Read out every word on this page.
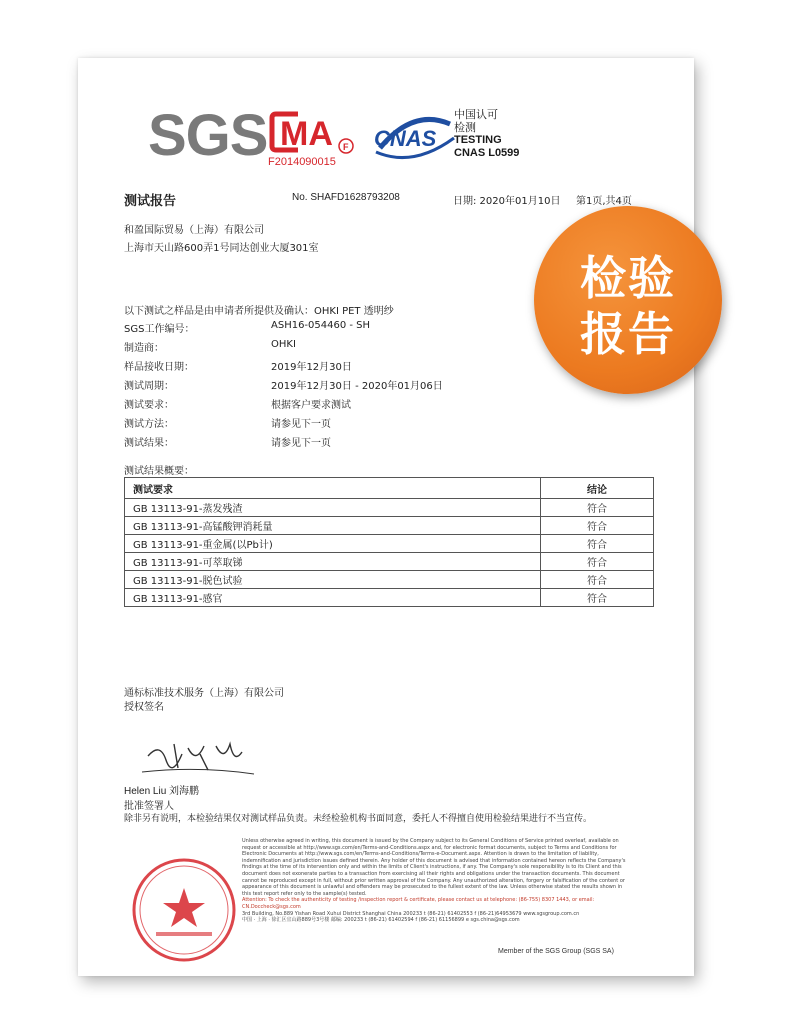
SGS MA F
F2014090015
CNAS
中国认可
检测
TESTING
CNAS L0599
测试报告	No. SHAFD1628793208	日期: 2020年01月10日 第1页,共4页
和盈国际贸易（上海）有限公司
上海市天山路600弄1号同达创业大厦301室
以下测试之样品是由申请者所提供及确认：OHKI PET 透明纱
SGS工作编号：	ASH16-054460 - SH
制造商：	OHKI
样品接收日期：	2019年12月30日
测试周期：	2019年12月30日 - 2020年01月06日
测试要求：	根据客户要求测试
测试方法：	请参见下一页
测试结果：	请参见下一页
测试结果概要：
测试要求	结论
GB 13113-91-蒸发残渣	符合
GB 13113-91-高锰酸钾消耗量	符合
GB 13113-91-重金属(以Pb计)	符合
GB 13113-91-可萃取锑	符合
GB 13113-91-脱色试验	符合
GB 13113-91-感官	符合
通标标准技术服务（上海）有限公司
授权签名
Helen Liu 刘海鹏
批准签署人
除非另有说明，本检验结果仅对测试样品负责。未经检验机构书面同意，委托人不得擅自使用检验结果进行不当宣传。
Unless otherwise agreed in writing, this document is issued by the Company subject to its General Conditions of Service printed overleaf, available on request or accessible at http://www.sgs.com/en/Terms-and-Conditions.aspx and, for electronic format documents, subject to Terms and Conditions for Electronic Documents at http://www.sgs.com/en/Terms-and-Conditions/Terms-e-Document.aspx. Attention is drawn to the limitation of liability, indemnification and jurisdiction issues defined therein. Any holder of this document is advised that information contained hereon reflects the Company's findings at the time of its intervention only and within the limits of Client's instructions, if any. The Company's sole responsibility is to its Client and this document does not exonerate parties to a transaction from exercising all their rights and obligations under the transaction documents. This document cannot be reproduced except in full, without prior written approval of the Company. Any unauthorized alteration, forgery or falsification of the content or appearance of this document is unlawful and offenders may be prosecuted to the fullest extent of the law. Unless otherwise stated the results shown in this test report refer only to the sample(s) tested.
Attention: To check the authenticity of testing /inspection report & certificate, please contact us at telephone: (86-755) 8307 1443, or email: CN.Doccheck@sgs.com
3rd Building, No.889 Yishan Road Xuhui District Shanghai China 200233 t (86-21) 61402553 f (86-21)64953679 www.sgsgroup.com.cn
中国 · 上海 · 徐汇区宜山路889号3号楼 邮编: 200233 t (86-21) 61402594 f (86-21) 61156899 e sgs.china@sgs.com
Member of the SGS Group (SGS SA)
检验
报告
